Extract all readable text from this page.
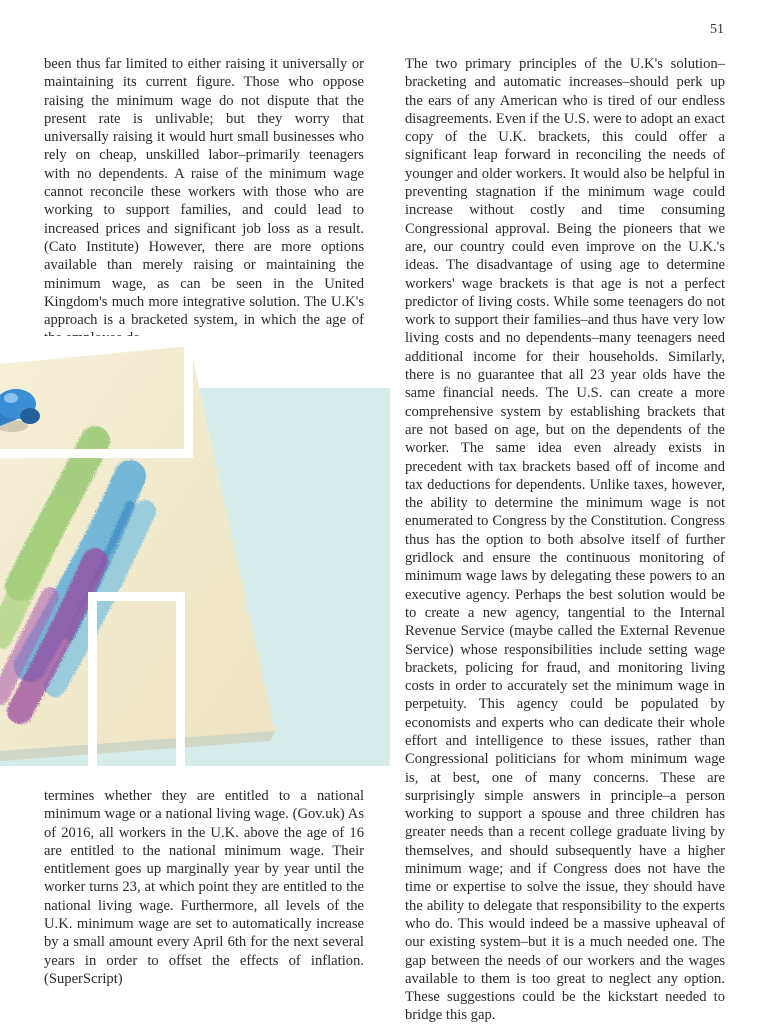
51

been thus far limited to either raising it universally or maintaining its current figure. Those who oppose raising the minimum wage do not dispute that the present rate is unlivable; but they worry that universally raising it would hurt small businesses who rely on cheap, unskilled labor–primarily teenagers with no dependents. A raise of the minimum wage cannot reconcile these workers with those who are working to support families, and could lead to increased prices and significant job loss as a result. (Cato Institute) However, there are more options available than merely raising or maintaining the minimum wage, as can be seen in the United Kingdom's much more integrative solution. The U.K's approach is a bracketed system, in which the age of the employee de-

termines whether they are entitled to a national minimum wage or a national living wage. (Gov.uk) As of 2016, all workers in the U.K. above the age of 16 are entitled to the national minimum wage. Their entitlement goes up marginally year by year until the worker turns 23, at which point they are entitled to the national living wage. Furthermore, all levels of the U.K. minimum wage are set to automatically increase by a small amount every April 6th for the next several years in order to offset the effects of inflation. (SuperScript)

The two primary principles of the U.K's solution–bracketing and automatic increases–should perk up the ears of any American who is tired of our endless disagreements. Even if the U.S. were to adopt an exact copy of the U.K. brackets, this could offer a significant leap forward in reconciling the needs of younger and older workers. It would also be helpful in preventing stagnation if the minimum wage could increase without costly and time consuming Congressional approval. Being the pioneers that we are, our country could even improve on the U.K.'s ideas. The disadvantage of using age to determine workers' wage brackets is that age is not a perfect predictor of living costs. While some teenagers do not work to support their families–and thus have very low living costs and no dependents–many teenagers need additional income for their households. Similarly, there is no guarantee that all 23 year olds have the same financial needs. The U.S. can create a more comprehensive system by establishing brackets that are not based on age, but on the dependents of the worker. The same idea even already exists in precedent with tax brackets based off of income and tax deductions for dependents. Unlike taxes, however, the ability to determine the minimum wage is not enumerated to Congress by the Constitution. Congress thus has the option to both absolve itself of further gridlock and ensure the continuous monitoring of minimum wage laws by delegating these powers to an executive agency. Perhaps the best solution would be to create a new agency, tangential to the Internal Revenue Service (maybe called the External Revenue Service) whose responsibilities include setting wage brackets, policing for fraud, and monitoring living costs in order to accurately set the minimum wage in perpetuity. This agency could be populated by economists and experts who can dedicate their whole effort and intelligence to these issues, rather than Congressional politicians for whom minimum wage is, at best, one of many concerns. These are surprisingly simple answers in principle–a person working to support a spouse and three children has greater needs than a recent college graduate living by themselves, and should subsequently have a higher minimum wage; and if Congress does not have the time or expertise to solve the issue, they should have the ability to delegate that responsibility to the experts who do. This would indeed be a massive upheaval of our existing system–but it is a much needed one. The gap between the needs of our workers and the wages available to them is too great to neglect any option. These suggestions could be the kickstart needed to bridge this gap.
